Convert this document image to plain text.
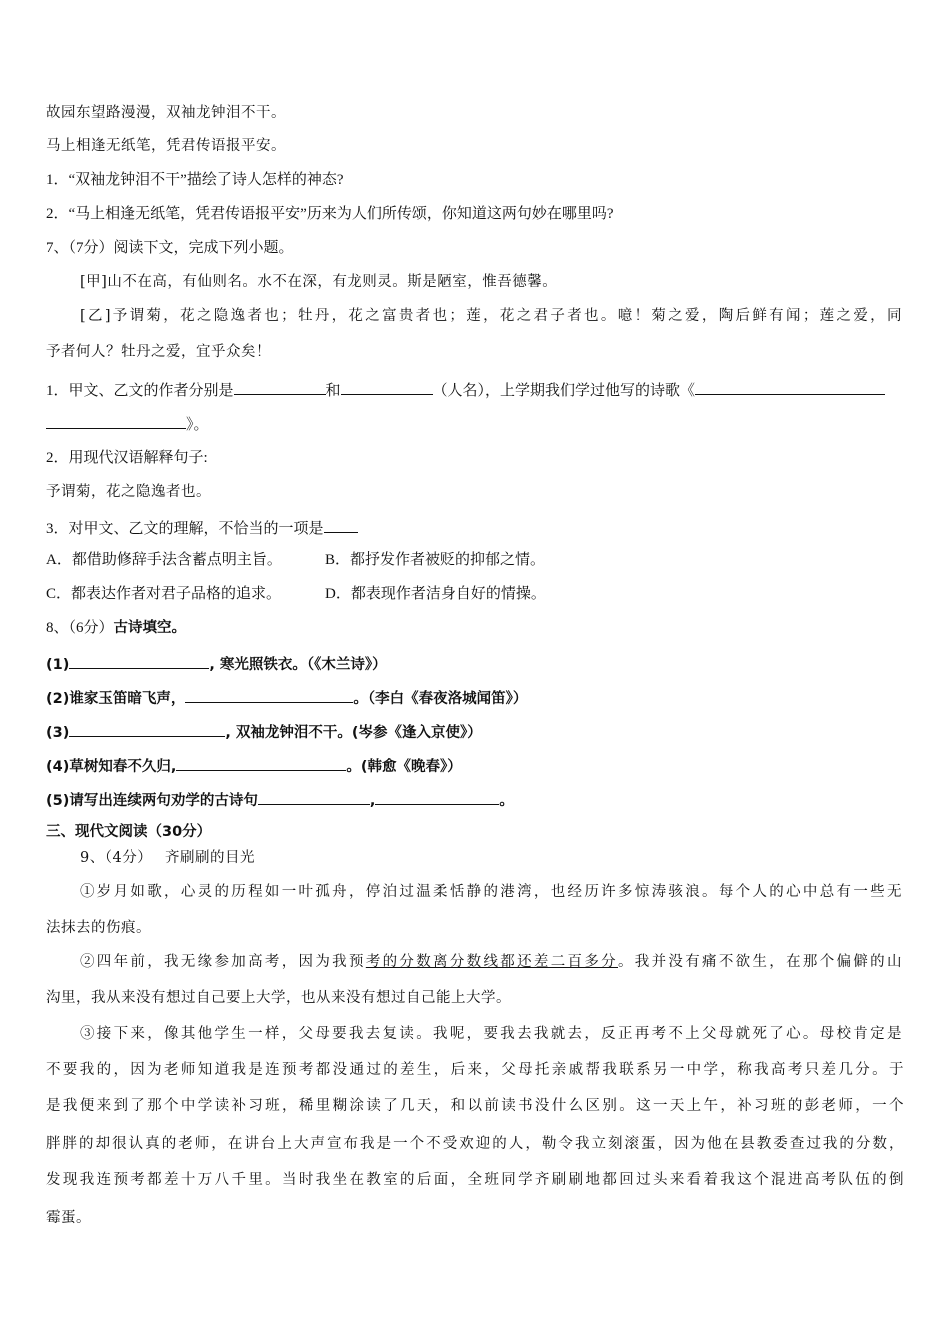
故园东望路漫漫，双袖龙钟泪不干。
马上相逢无纸笔，凭君传语报平安。
1．“双袖龙钟泪不干”描绘了诗人怎样的神态?
2．“马上相逢无纸笔，凭君传语报平安”历来为人们所传颂，你知道这两句妙在哪里吗?
7、（7分）阅读下文，完成下列小题。
[甲]山不在高，有仙则名。水不在深，有龙则灵。斯是陋室，惟吾德馨。
[乙]予谓菊，花之隐逸者也；牡丹，花之富贵者也；莲，花之君子者也。噫！菊之爱，陶后鲜有闻；莲之爱，同
予者何人？牡丹之爱，宜乎众矣！
1．甲文、乙文的作者分别是	和	（人名），上学期我们学过他写的诗歌《
》。
2．用现代汉语解释句子:
予谓菊，花之隐逸者也。
3．对甲文、乙文的理解，不恰当的一项是
A．都借助修辞手法含蓄点明主旨。	B．都抒发作者被贬的抑郁之情。
C．都表达作者对君子品格的追求。	D．都表现作者洁身自好的情操。
8、（6分）古诗填空。
(1)	, 寒光照铁衣。（《木兰诗》）
(2)谁家玉笛暗飞声，	。（李白《春夜洛城闻笛》）
(3)	, 双袖龙钟泪不干。(岑参《逢入京使》）
(4)草树知春不久归,	。(韩愈《晚春》）
(5)请写出连续两句劝学的古诗句	,	。
三、现代文阅读（30分）
9、（4分）　 齐刷刷的目光
①岁月如歌，心灵的历程如一叶孤舟，停泊过温柔恬静的港湾，也经历许多惊涛骇浪。每个人的心中总有一些无
法抹去的伤痕。
②四年前，我无缘参加高考，因为我预考的分数离分数线都还差二百多分。我并没有痛不欲生，在那个偏僻的山
沟里，我从来没有想过自己要上大学，也从来没有想过自己能上大学。
③接下来，像其他学生一样，父母要我去复读。我呢，要我去我就去，反正再考不上父母就死了心。母校肯定是
不要我的，因为老师知道我是连预考都没通过的差生，后来，父母托亲戚帮我联系另一中学，称我高考只差几分。于
是我便来到了那个中学读补习班，稀里糊涂读了几天，和以前读书没什么区别。这一天上午，补习班的彭老师，一个
胖胖的却很认真的老师，在讲台上大声宣布我是一个不受欢迎的人，勒令我立刻滚蛋，因为他在县教委查过我的分数，
发现我连预考都差十万八千里。当时我坐在教室的后面，全班同学齐刷刷地都回过头来看着我这个混进高考队伍的倒
霉蛋。
